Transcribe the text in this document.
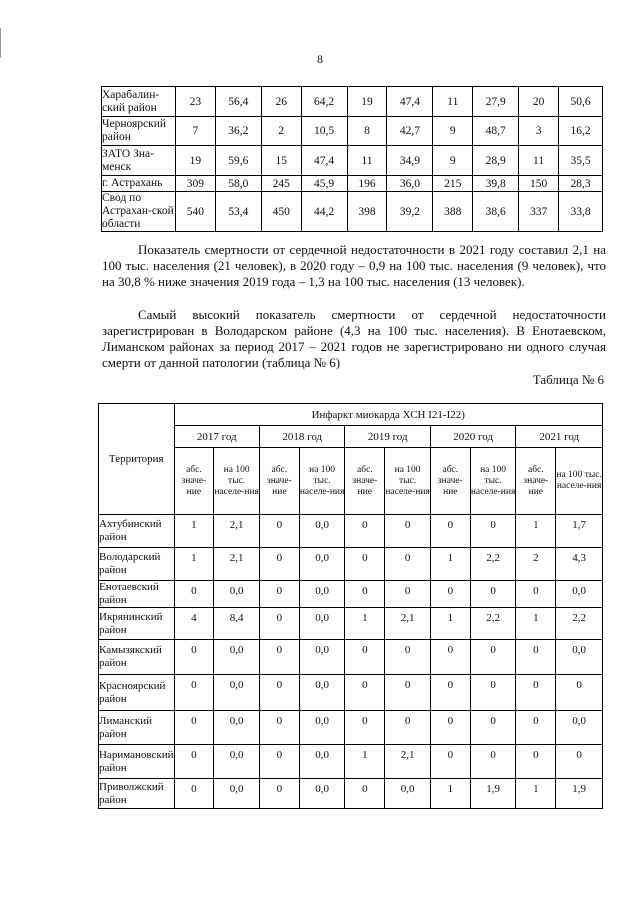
8
Харабалин-ский район	23	56,4	26	64,2	19	47,4	11	27,9	20	50,6
Черноярский район	7	36,2	2	10,5	8	42,7	9	48,7	3	16,2
ЗАТО Зна-менск	19	59,6	15	47,4	11	34,9	9	28,9	11	35,5
г. Астрахань	309	58,0	245	45,9	196	36,0	215	39,8	150	28,3
Свод по Астрахан-ской области	540	53,4	450	44,2	398	39,2	388	38,6	337	33,8

Показатель смертности от сердечной недостаточности в 2021 году составил 2,1 на 100 тыс. населения (21 человек), в 2020 году – 0,9 на 100 тыс. населения (9 человек), что на 30,8 % ниже значения 2019 года – 1,3 на 100 тыс. населения (13 человек).

Самый высокий показатель смертности от сердечной недостаточности зарегистрирован в Володарском районе (4,3 на 100 тыс. населения). В Енотаевском, Лиманском районах за период 2017 – 2021 годов не зарегистрировано ни одного случая смерти от данной патологии (таблица № 6)

Таблица № 6
Территория	Инфаркт миокарда ХСН I21-I22)									
	2017 год		2018 год		2019 год		2020 год		2021 год	
	абс. значе-ние	на 100 тыс. населе-ния	абс. значе-ние	на 100 тыс. населе-ния	абс. значе-ние	на 100 тыс. населе-ния	абс. значе-ние	на 100 тыс. населе-ния	абс. значе-ние	на 100 тыс. населе-ния
Ахтубинский район	1	2,1	0	0,0	0	0	0	0	1	1,7
Володарский район	1	2,1	0	0,0	0	0	1	2,2	2	4,3
Енотаевский район	0	0,0	0	0,0	0	0	0	0	0	0,0
Икрянинский район	4	8,4	0	0,0	1	2,1	1	2,2	1	2,2
Камызякский район	0	0,0	0	0,0	0	0	0	0	0	0,0
Красноярский район	0	0,0	0	0,0	0	0	0	0	0	0
Лиманский район	0	0,0	0	0,0	0	0	0	0	0	0,0
Наримановский район	0	0,0	0	0,0	1	2,1	0	0	0	0
Приволжский район	0	0,0	0	0,0	0	0,0	1	1,9	1	1,9
